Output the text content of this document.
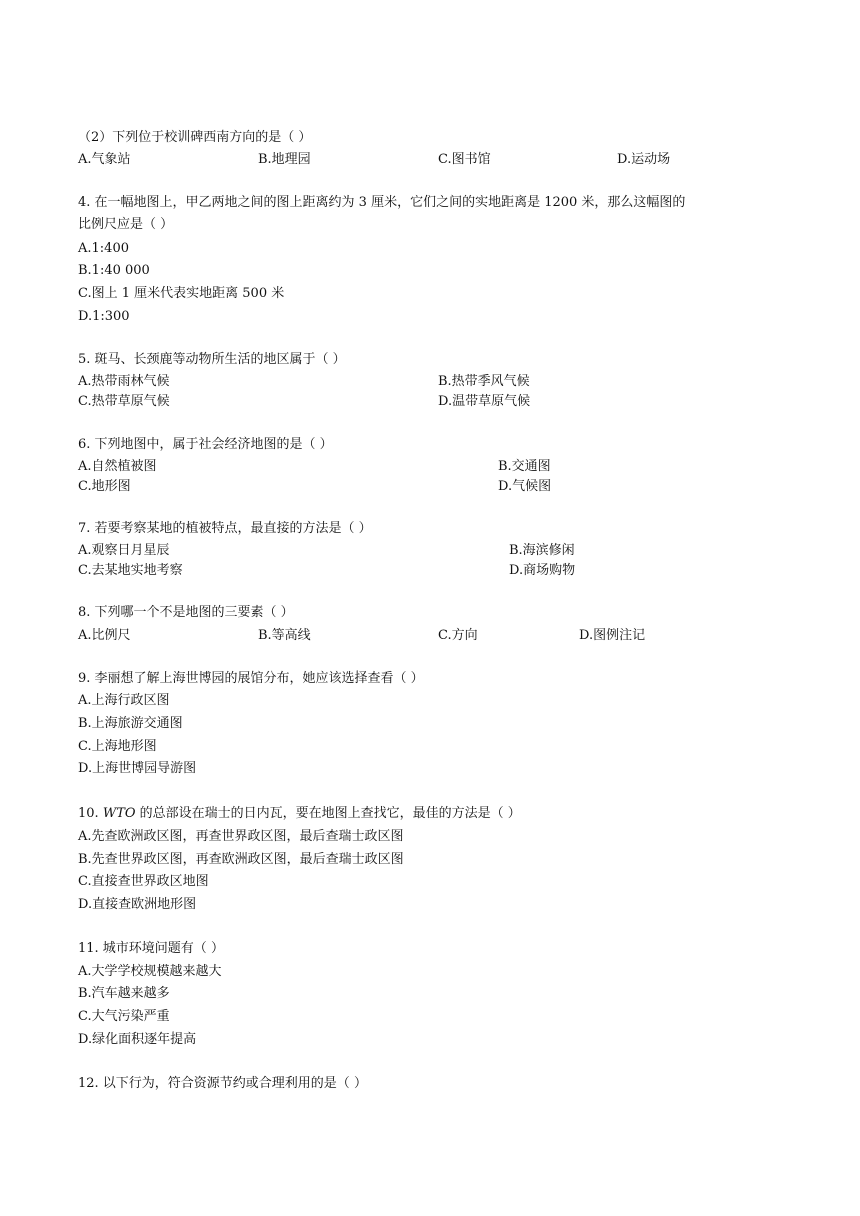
（2）下列位于校训碑西南方向的是（ ）
A.气象站	B.地理园	C.图书馆	D.运动场
4. 在一幅地图上，甲乙两地之间的图上距离约为 3 厘米，它们之间的实地距离是 1200 米，那么这幅图的
比例尺应是（ ）
A.1:400
B.1:40 000
C.图上 1 厘米代表实地距离 500 米
D.1:300
5. 斑马、长颈鹿等动物所生活的地区属于（ ）
A.热带雨林气候	B.热带季风气候
C.热带草原气候	D.温带草原气候
6. 下列地图中，属于社会经济地图的是（ ）
A.自然植被图	B.交通图
C.地形图	D.气候图
7. 若要考察某地的植被特点，最直接的方法是（ ）
A.观察日月星辰	B.海滨修闲
C.去某地实地考察	D.商场购物
8. 下列哪一个不是地图的三要素（ ）
A.比例尺	B.等高线	C.方向	D.图例注记
9. 李丽想了解上海世博园的展馆分布，她应该选择查看（ ）
A.上海行政区图
B.上海旅游交通图
C.上海地形图
D.上海世博园导游图
10. WTO 的总部设在瑞士的日内瓦，要在地图上查找它，最佳的方法是（ ）
A.先查欧洲政区图，再查世界政区图，最后查瑞士政区图
B.先查世界政区图，再查欧洲政区图，最后查瑞士政区图
C.直接查世界政区地图
D.直接查欧洲地形图
11. 城市环境问题有（ ）
A.大学学校规模越来越大
B.汽车越来越多
C.大气污染严重
D.绿化面积逐年提高
12. 以下行为，符合资源节约或合理利用的是（ ）
